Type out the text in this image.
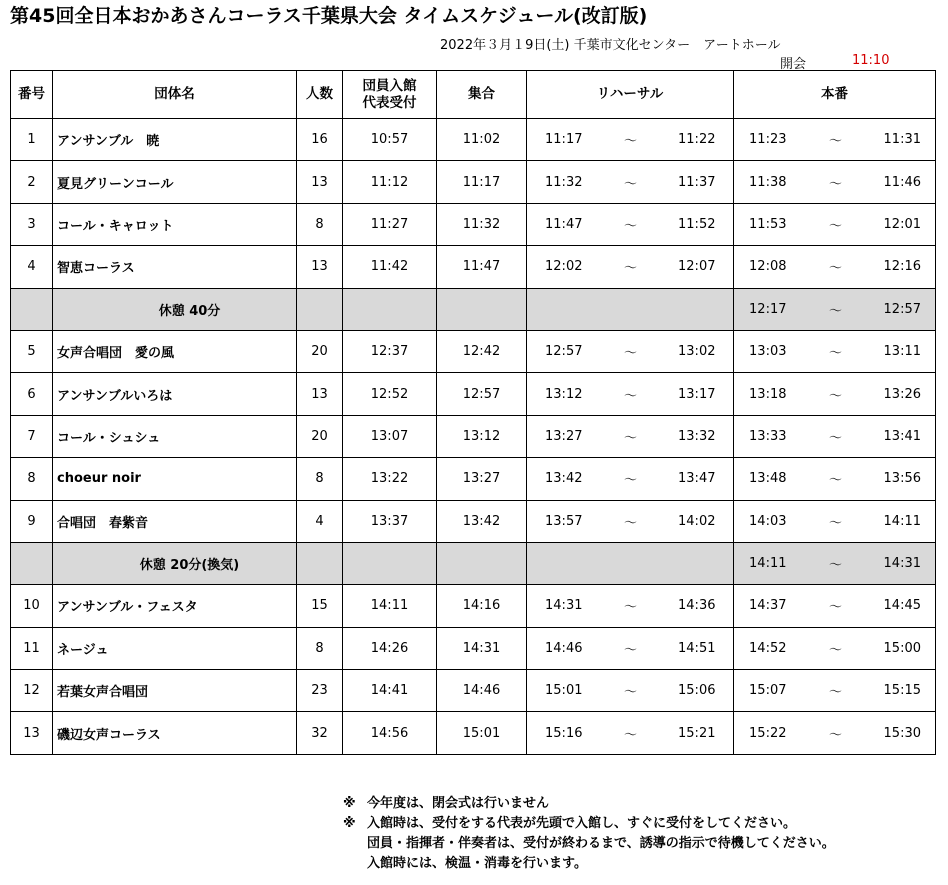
第45回全日本おかあさんコーラス千葉県大会 タイムスケジュール(改訂版)
2022年３月１9日(土) 千葉市文化センター　アートホール
開会	11:10
番号	団体名	人数	団員入館
代表受付	集合	リハーサル			本番		
1	アンサンブル　暁	16	10:57	11:02	11:17	～	11:22	11:23	～	11:31
2	夏見グリーンコール	13	11:12	11:17	11:32	～	11:37	11:38	～	11:46
3	コール・キャロット	8	11:27	11:32	11:47	～	11:52	11:53	～	12:01
4	智恵コーラス	13	11:42	11:47	12:02	～	12:07	12:08	～	12:16
	休憩 40分							12:17	～	12:57
5	女声合唱団　愛の風	20	12:37	12:42	12:57	～	13:02	13:03	～	13:11
6	アンサンブルいろは	13	12:52	12:57	13:12	～	13:17	13:18	～	13:26
7	コール・シュシュ	20	13:07	13:12	13:27	～	13:32	13:33	～	13:41
8	choeur noir	8	13:22	13:27	13:42	～	13:47	13:48	～	13:56
9	合唱団　春紫音	4	13:37	13:42	13:57	～	14:02	14:03	～	14:11
	休憩 20分(換気)							14:11	～	14:31
10	アンサンブル・フェスタ	15	14:11	14:16	14:31	～	14:36	14:37	～	14:45
11	ネージュ	8	14:26	14:31	14:46	～	14:51	14:52	～	15:00
12	若葉女声合唱団	23	14:41	14:46	15:01	～	15:06	15:07	～	15:15
13	磯辺女声コーラス	32	14:56	15:01	15:16	～	15:21	15:22	～	15:30
※ 今年度は、閉会式は行いません
※ 入館時は、受付をする代表が先頭で入館し、すぐに受付をしてください。
団員・指揮者・伴奏者は、受付が終わるまで、誘導の指示で待機してください。
入館時には、検温・消毒を行います。
